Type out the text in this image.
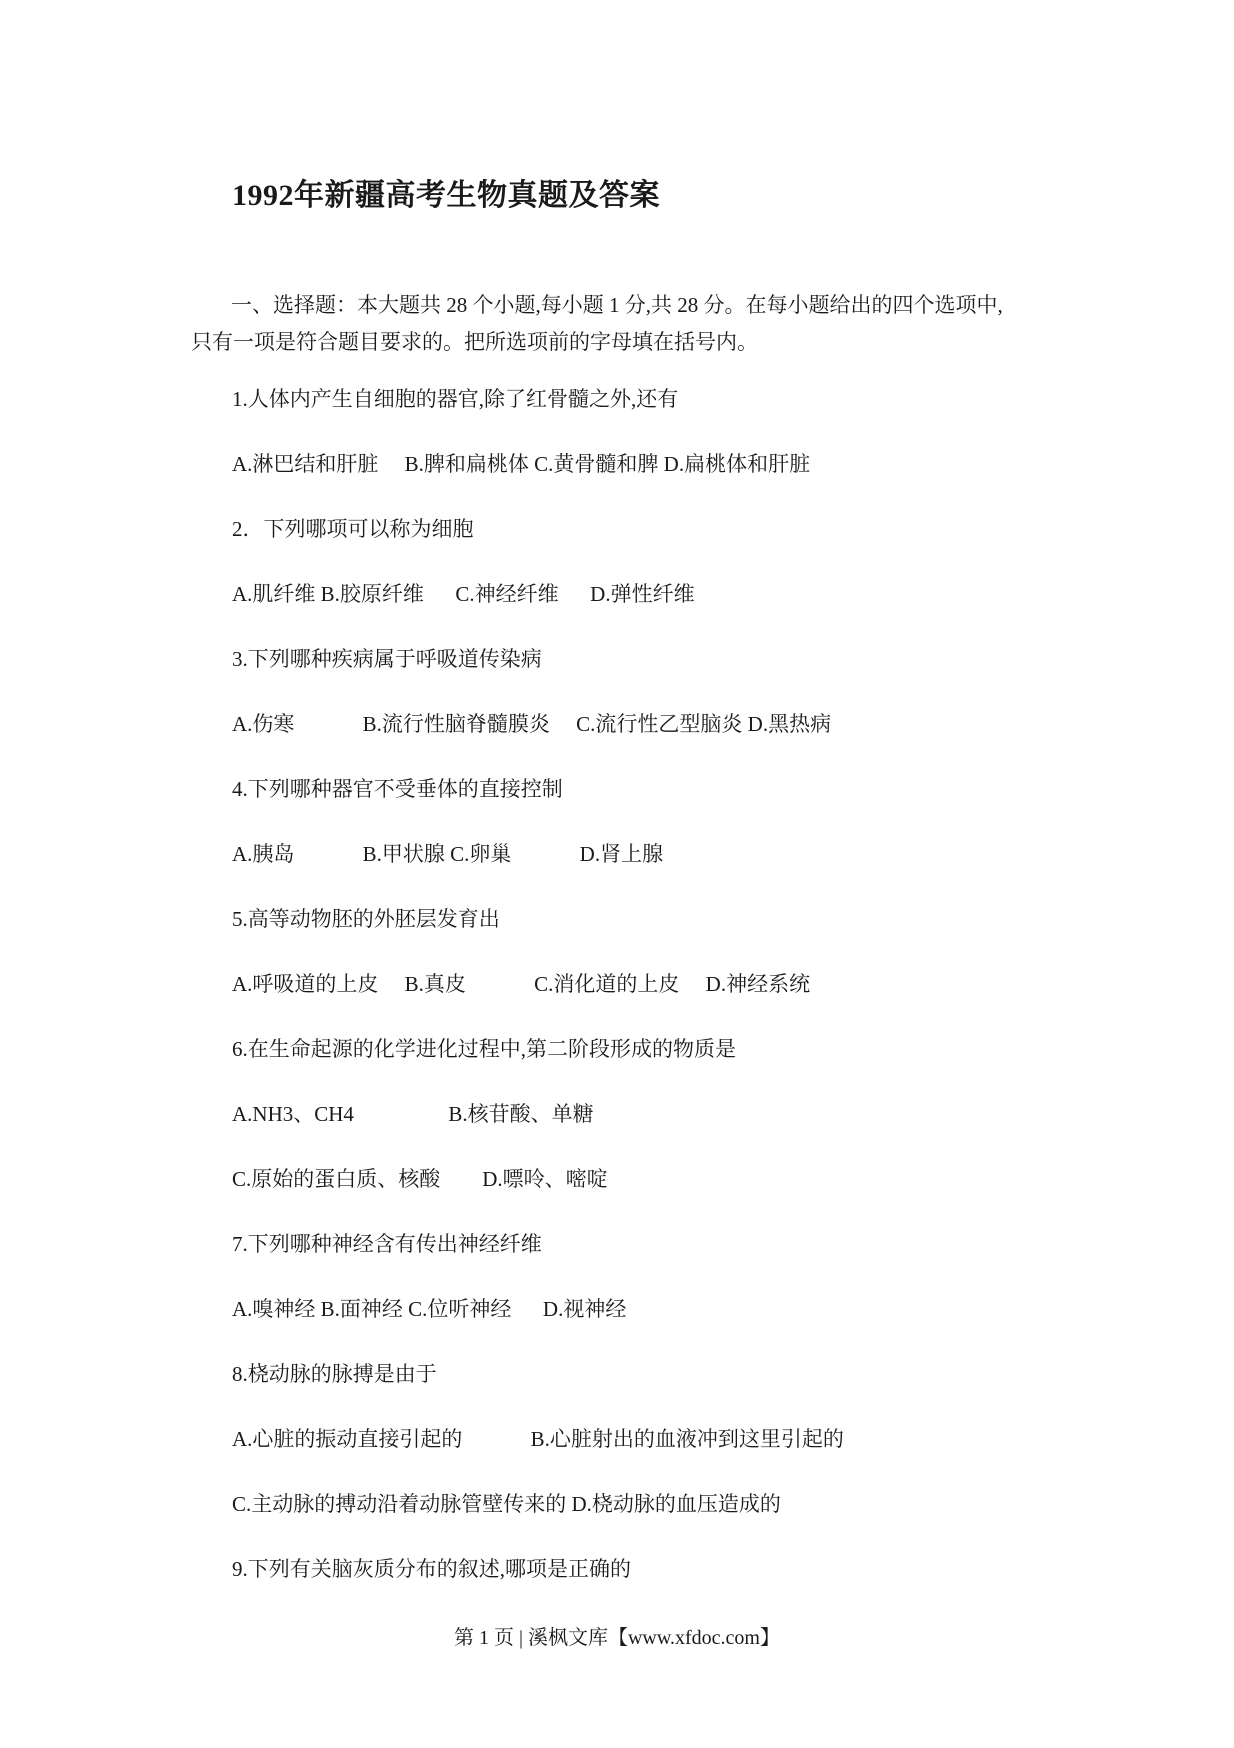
1992年新疆高考生物真题及答案

一、选择题：本大题共 28 个小题,每小题 1 分,共 28 分。在每小题给出的四个选项中,

只有一项是符合题目要求的。把所选项前的字母填在括号内。

1.人体内产生自细胞的器官,除了红骨髓之外,还有
A.淋巴结和肝脏     B.脾和扁桃体 C.黄骨髓和脾 D.扁桃体和肝脏
2．下列哪项可以称为细胞
A.肌纤维 B.胶原纤维      C.神经纤维      D.弹性纤维
3.下列哪种疾病属于呼吸道传染病
A.伤寒             B.流行性脑脊髓膜炎     C.流行性乙型脑炎 D.黑热病
4.下列哪种器官不受垂体的直接控制
A.胰岛             B.甲状腺 C.卵巢             D.肾上腺
5.高等动物胚的外胚层发育出
A.呼吸道的上皮     B.真皮             C.消化道的上皮     D.神经系统
6.在生命起源的化学进化过程中,第二阶段形成的物质是
A.NH3、CH4                  B.核苷酸、单糖
C.原始的蛋白质、核酸        D.嘌呤、嘧啶
7.下列哪种神经含有传出神经纤维
A.嗅神经 B.面神经 C.位听神经      D.视神经
8.桡动脉的脉搏是由于
A.心脏的振动直接引起的             B.心脏射出的血液冲到这里引起的
C.主动脉的搏动沿着动脉管壁传来的 D.桡动脉的血压造成的
9.下列有关脑灰质分布的叙述,哪项是正确的
第 1 页 | 溪枫文库【www.xfdoc.com】
